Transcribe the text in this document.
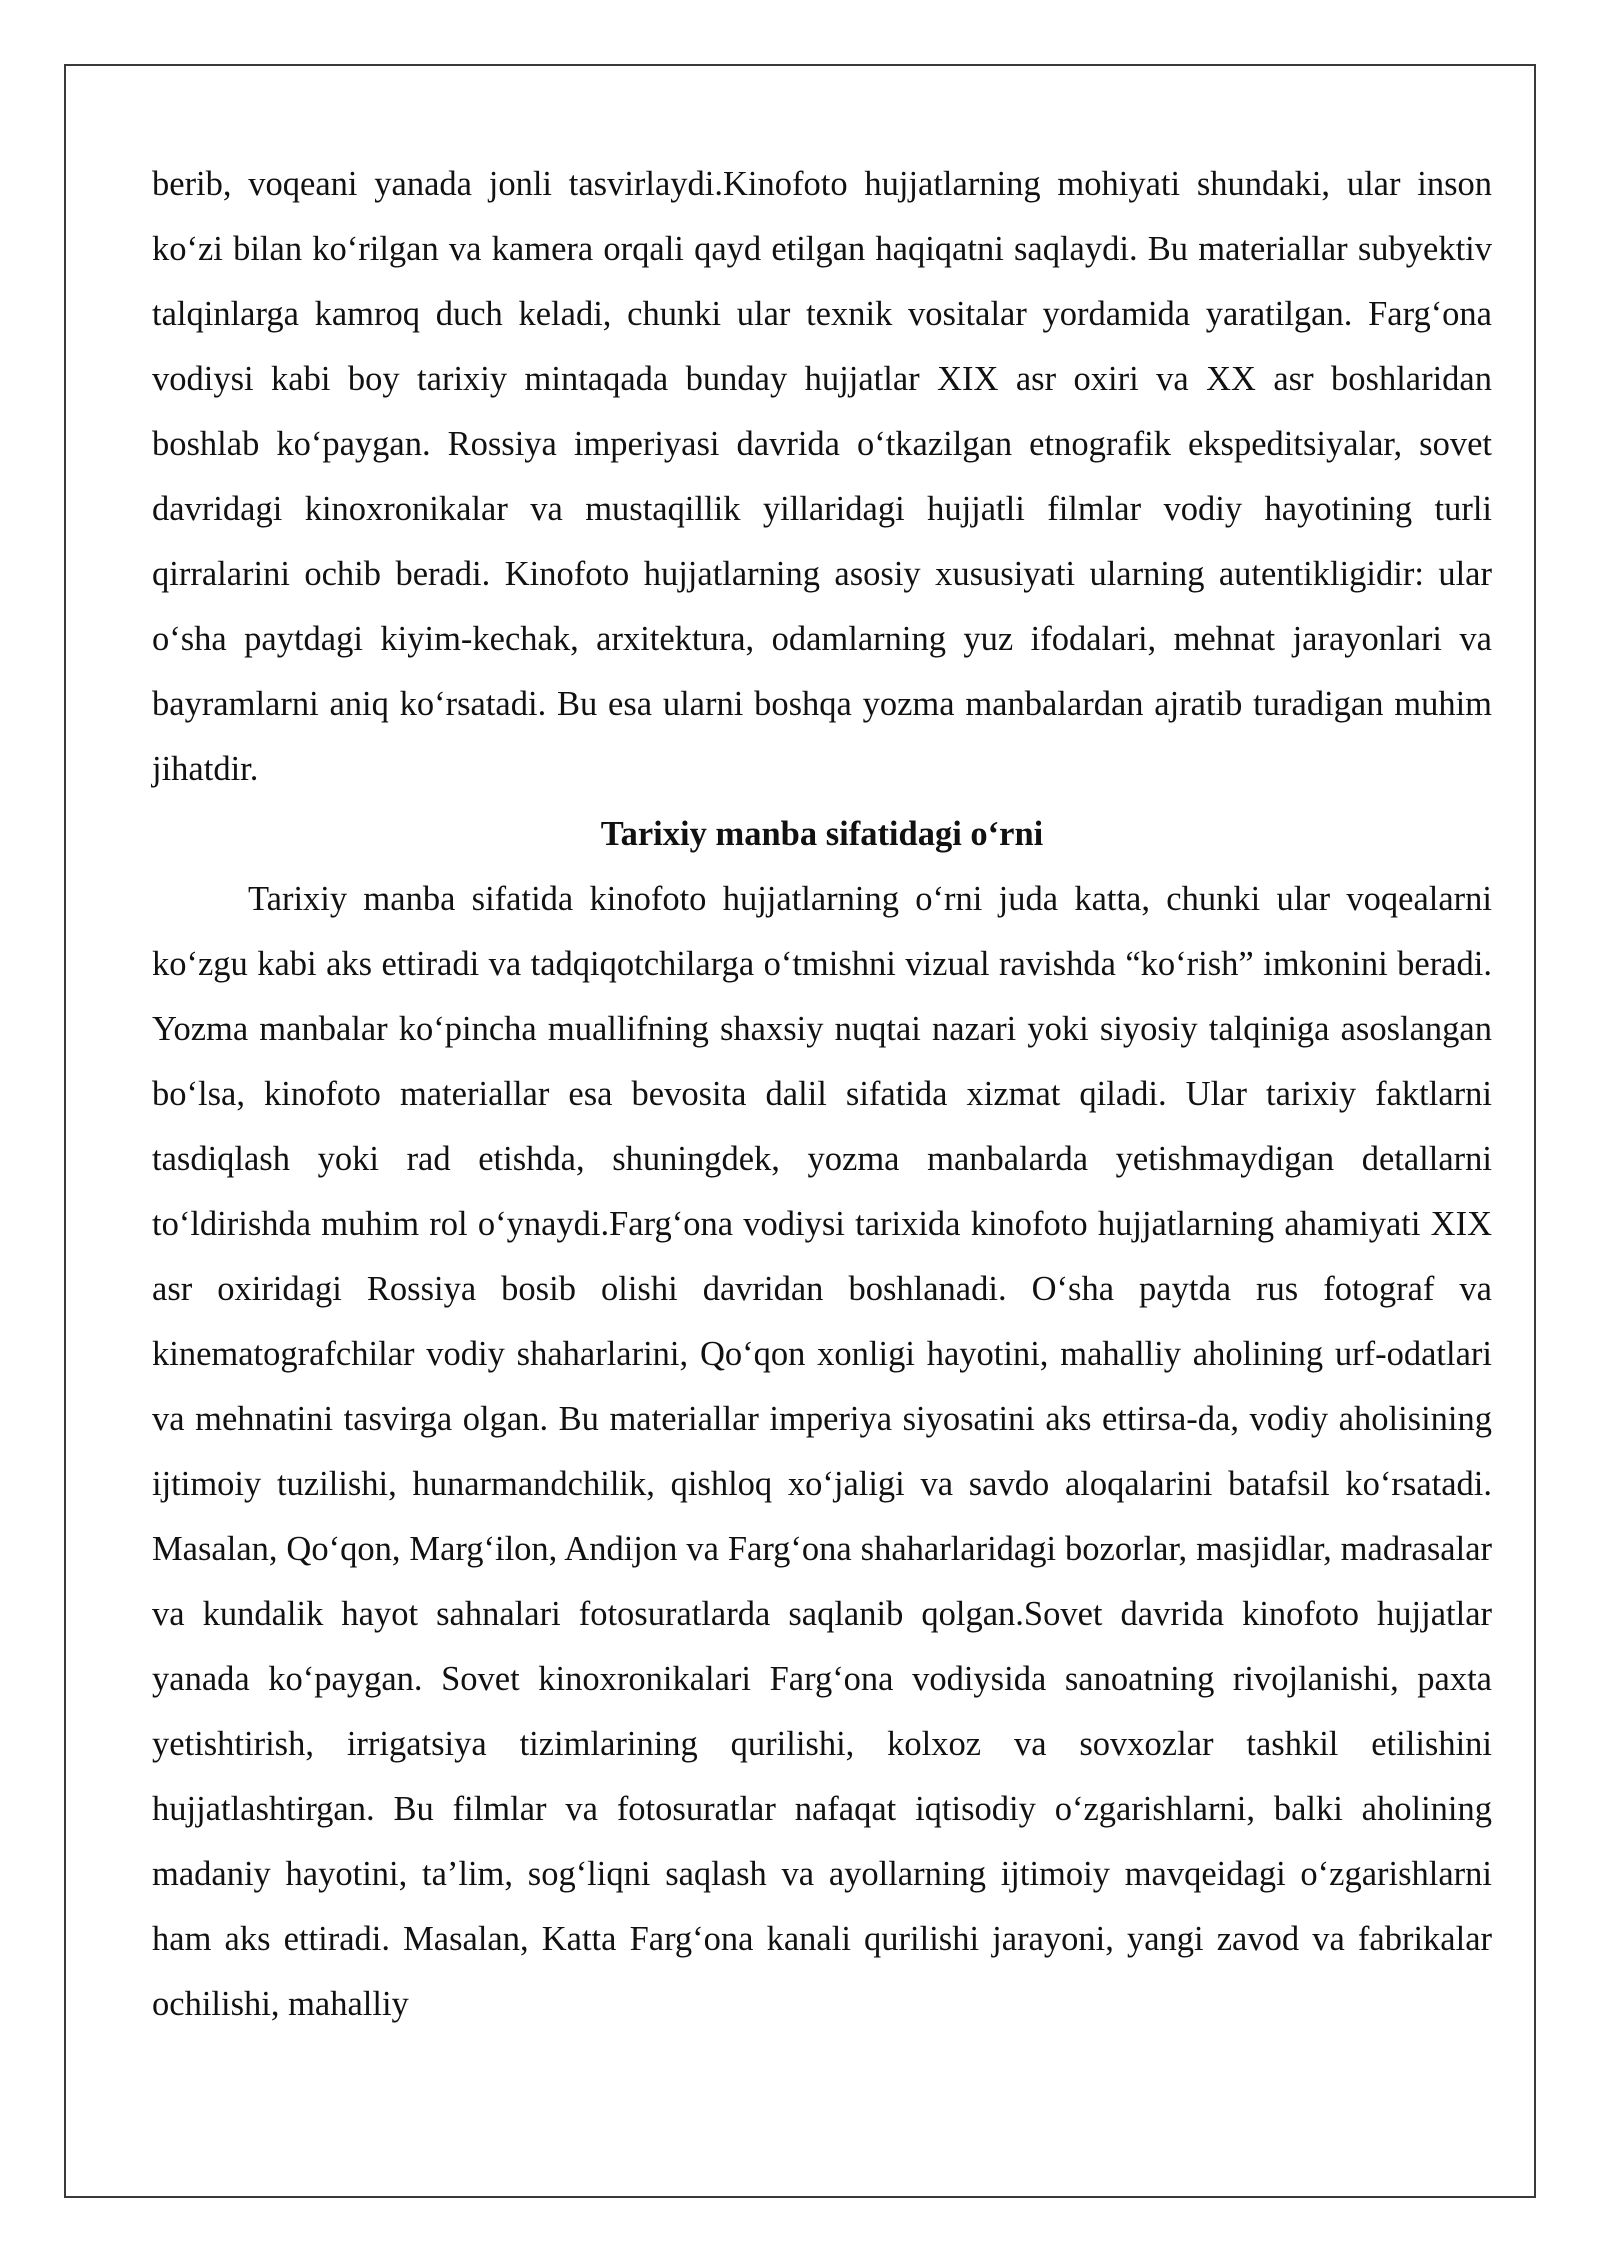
berib, voqeani yanada jonli tasvirlaydi.Kinofoto hujjatlarning mohiyati shundaki, ular inson ko‘zi bilan ko‘rilgan va kamera orqali qayd etilgan haqiqatni saqlaydi. Bu materiallar subyektiv talqinlarga kamroq duch keladi, chunki ular texnik vositalar yordamida yaratilgan. Farg‘ona vodiysi kabi boy tarixiy mintaqada bunday hujjatlar XIX asr oxiri va XX asr boshlaridan boshlab ko‘paygan. Rossiya imperiyasi davrida o‘tkazilgan etnografik ekspeditsiyalar, sovet davridagi kinoxronikalar va mustaqillik yillaridagi hujjatli filmlar vodiy hayotining turli qirralarini ochib beradi. Kinofoto hujjatlarning asosiy xususiyati ularning autentikligidir: ular o‘sha paytdagi kiyim-kechak, arxitektura, odamlarning yuz ifodalari, mehnat jarayonlari va bayramlarni aniq ko‘rsatadi. Bu esa ularni boshqa yozma manbalardan ajratib turadigan muhim jihatdir.

Tarixiy manba sifatidagi o‘rni

Tarixiy manba sifatida kinofoto hujjatlarning o‘rni juda katta, chunki ular voqealarni ko‘zgu kabi aks ettiradi va tadqiqotchilarga o‘tmishni vizual ravishda “ko‘rish” imkonini beradi. Yozma manbalar ko‘pincha muallifning shaxsiy nuqtai nazari yoki siyosiy talqiniga asoslangan bo‘lsa, kinofoto materiallar esa bevosita dalil sifatida xizmat qiladi. Ular tarixiy faktlarni tasdiqlash yoki rad etishda, shuningdek, yozma manbalarda yetishmaydigan detallarni to‘ldirishda muhim rol o‘ynaydi.Farg‘ona vodiysi tarixida kinofoto hujjatlarning ahamiyati XIX asr oxiridagi Rossiya bosib olishi davridan boshlanadi. O‘sha paytda rus fotograf va kinematografchilar vodiy shaharlarini, Qo‘qon xonligi hayotini, mahalliy aholining urf-odatlari va mehnatini tasvirga olgan. Bu materiallar imperiya siyosatini aks ettirsa-da, vodiy aholisining ijtimoiy tuzilishi, hunarmandchilik, qishloq xo‘jaligi va savdo aloqalarini batafsil ko‘rsatadi. Masalan, Qo‘qon, Marg‘ilon, Andijon va Farg‘ona shaharlaridagi bozorlar, masjidlar, madrasalar va kundalik hayot sahnalari fotosuratlarda saqlanib qolgan.Sovet davrida kinofoto hujjatlar yanada ko‘paygan. Sovet kinoxronikalari Farg‘ona vodiysida sanoatning rivojlanishi, paxta yetishtirish, irrigatsiya tizimlarining qurilishi, kolxoz va sovxozlar tashkil etilishini hujjatlashtirgan. Bu filmlar va fotosuratlar nafaqat iqtisodiy o‘zgarishlarni, balki aholining madaniy hayotini, ta’lim, sog‘liqni saqlash va ayollarning ijtimoiy mavqeidagi o‘zgarishlarni ham aks ettiradi. Masalan, Katta Farg‘ona kanali qurilishi jarayoni, yangi zavod va fabrikalar ochilishi, mahalliy
